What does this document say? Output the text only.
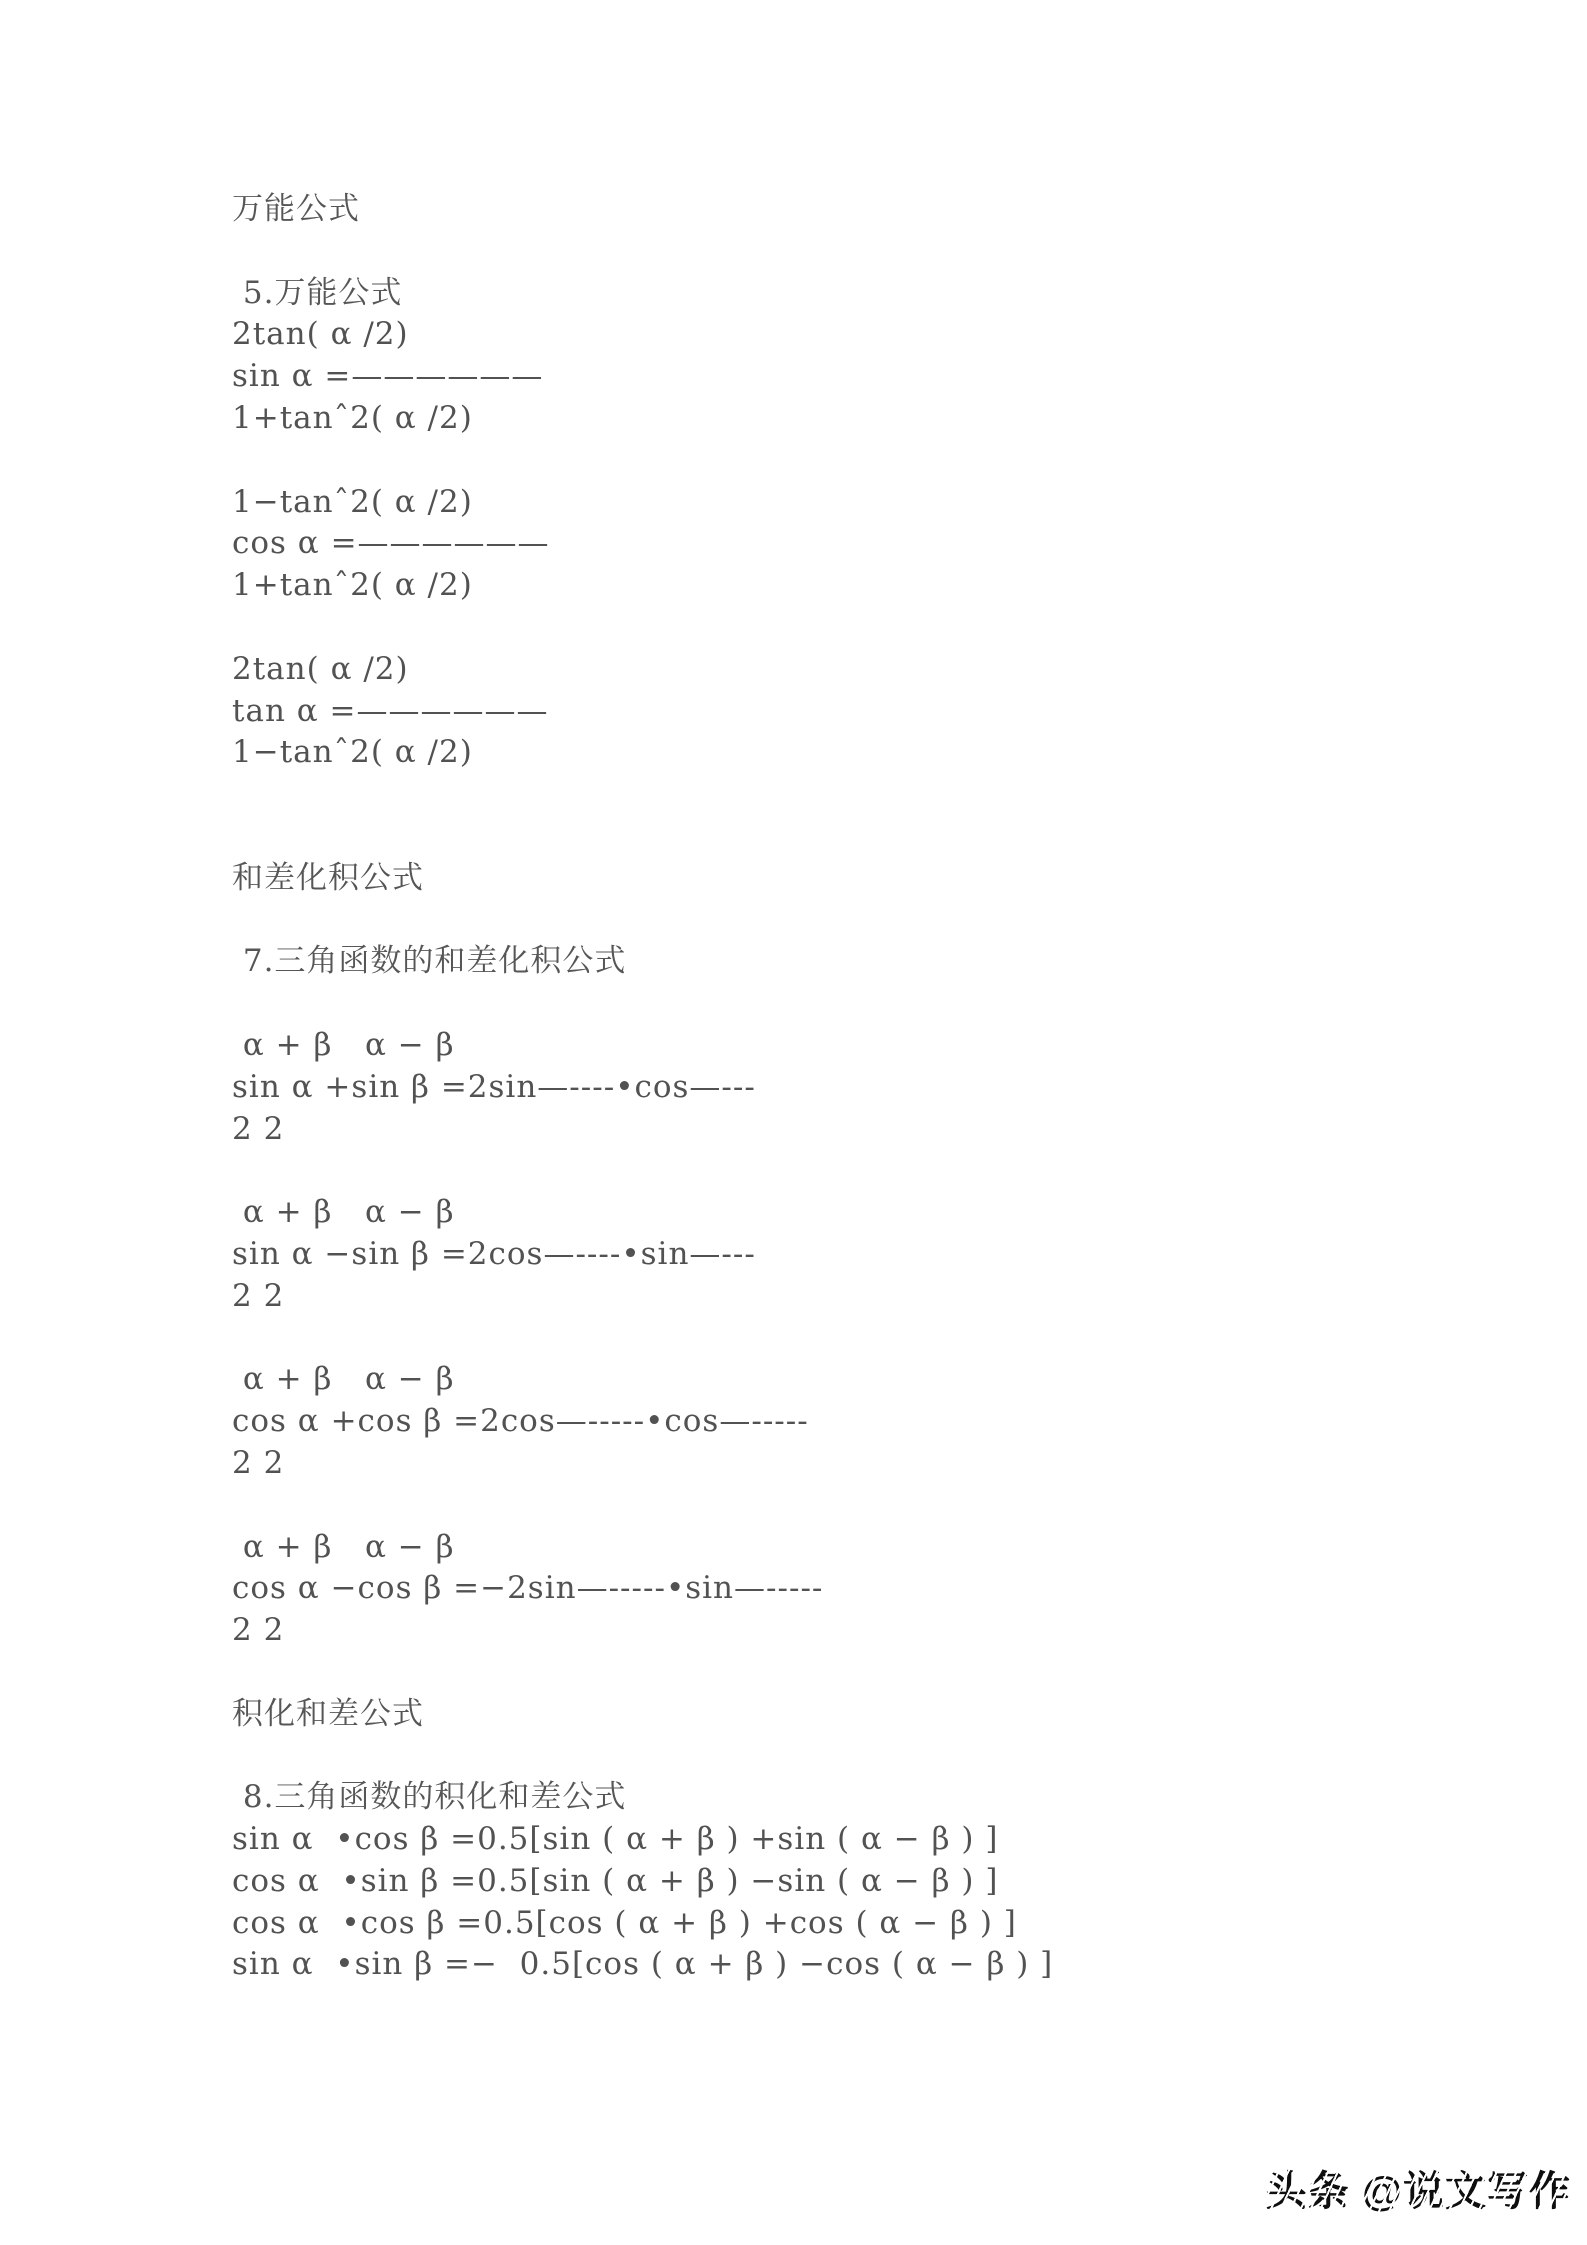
万能公式
5.万能公式
2tan( α /2)
sin α =——————
1+tanˆ2( α /2)
1−tanˆ2( α /2)
cos α =——————
1+tanˆ2( α /2)
2tan( α /2)
tan α =——————
1−tanˆ2( α /2)
和差化积公式
7.三角函数的和差化积公式
α + β   α − β
sin α +sin β =2sin—----•cos—---
2 2
α + β   α − β
sin α −sin β =2cos—----•sin—---
2 2
α + β   α − β
cos α +cos β =2cos—-----•cos—-----
2 2
α + β   α − β
cos α −cos β =−2sin—-----•sin—-----
2 2
积化和差公式
8.三角函数的积化和差公式
sin α  •cos β =0.5[sin ( α + β ) +sin ( α − β ) ]
cos α  •sin β =0.5[sin ( α + β ) −sin ( α − β ) ]
cos α  •cos β =0.5[cos ( α + β ) +cos ( α − β ) ]
sin α  •sin β =−  0.5[cos ( α + β ) −cos ( α − β ) ]
头条 @说文写作
